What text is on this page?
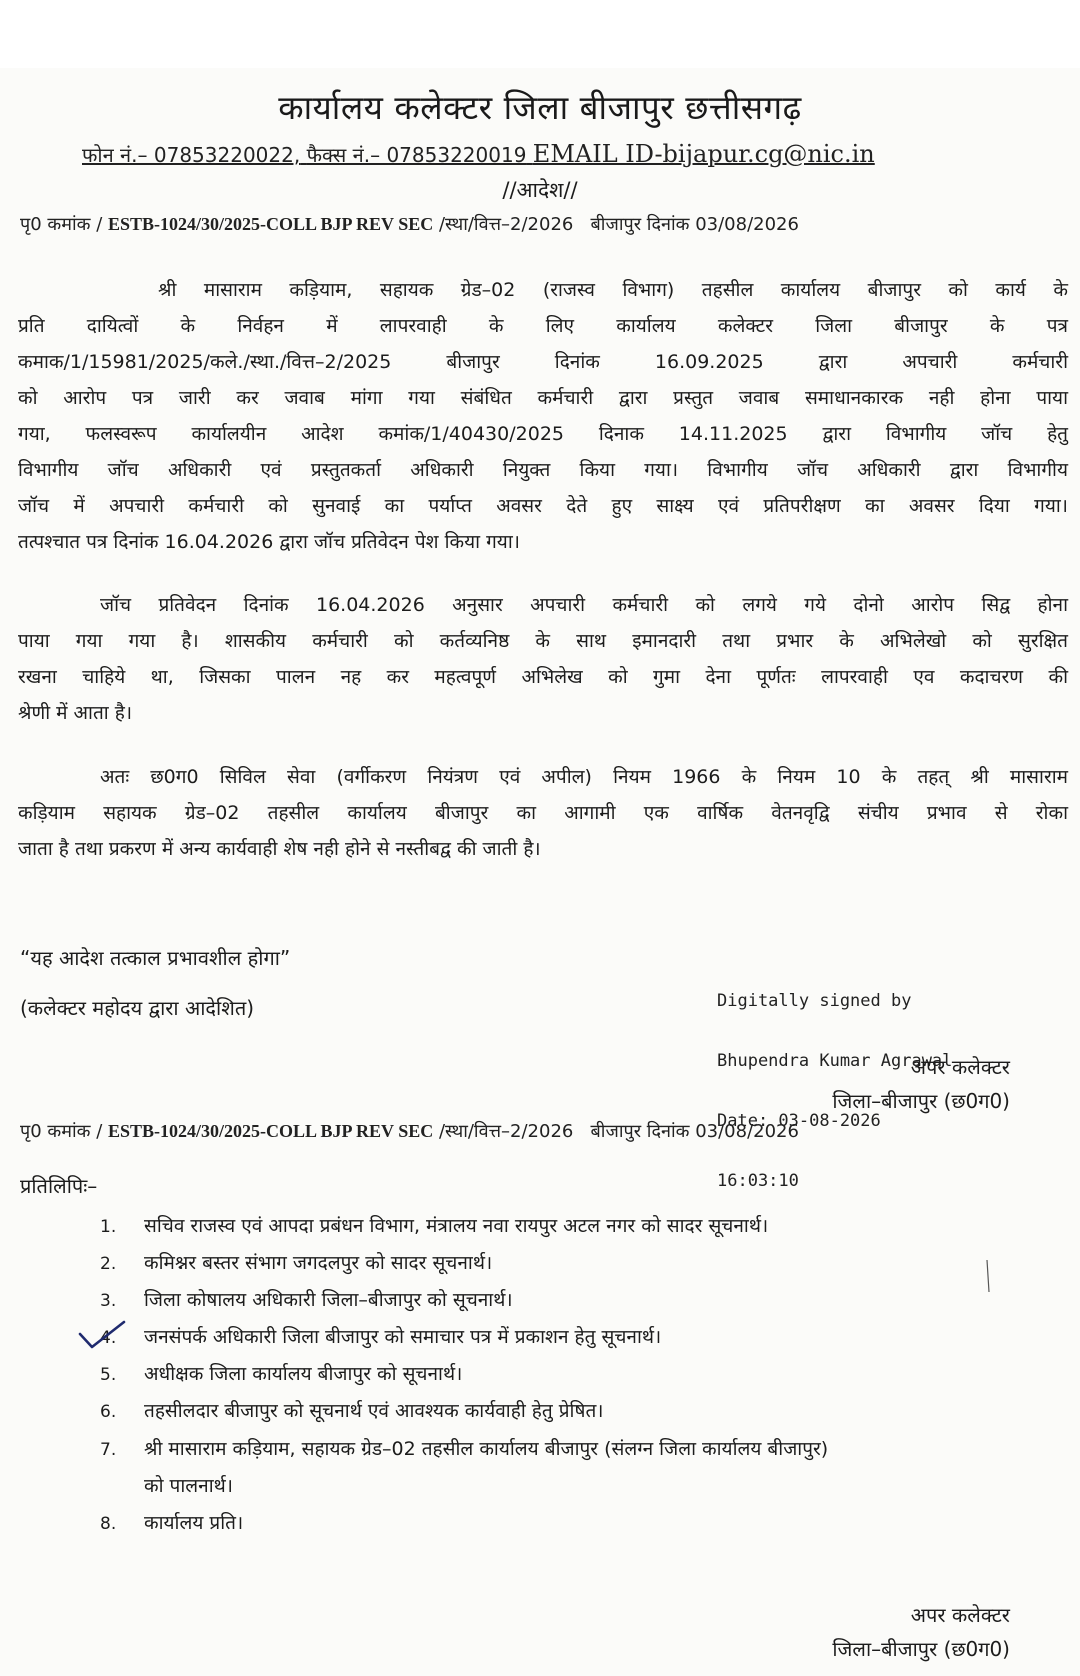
कार्यालय कलेक्टर जिला बीजापुर छत्तीसगढ़
फोन नं.– 07853220022, फैक्स नं.– 07853220019 EMAIL ID-bijapur.cg@nic.in
//आदेश//
पृ0 कमांक / ESTB-1024/30/2025-COLL BJP REV SEC /स्था/वित्त–2/2026 बीजापुर दिनांक 03/08/2026
श्री मासाराम कड़ियाम, सहायक ग्रेड–02 (राजस्व विभाग) तहसील कार्यालय बीजापुर को कार्य के
प्रति दायित्वों के निर्वहन में लापरवाही के लिए कार्यालय कलेक्टर जिला बीजापुर के पत्र
कमाक/1/15981/2025/कले./स्था./वित्त–2/2025 बीजापुर दिनांक 16.09.2025 द्वारा अपचारी कर्मचारी
को आरोप पत्र जारी कर जवाब मांगा गया संबंधित कर्मचारी द्वारा प्रस्तुत जवाब समाधानकारक नही होना पाया
गया, फलस्वरूप कार्यालयीन आदेश कमांक/1/40430/2025 दिनाक 14.11.2025 द्वारा विभागीय जॉच हेतु
विभागीय जॉच अधिकारी एवं प्रस्तुतकर्ता अधिकारी नियुक्त किया गया। विभागीय जॉच अधिकारी द्वारा विभागीय
जॉच में अपचारी कर्मचारी को सुनवाई का पर्याप्त अवसर देते हुए साक्ष्य एवं प्रतिपरीक्षण का अवसर दिया गया।
तत्पश्चात पत्र दिनांक 16.04.2026 द्वारा जॉच प्रतिवेदन पेश किया गया।
जॉच प्रतिवेदन दिनांक 16.04.2026 अनुसार अपचारी कर्मचारी को लगये गये दोनो आरोप सिद्व होना
पाया गया गया है। शासकीय कर्मचारी को कर्तव्यनिष्ठ के साथ इमानदारी तथा प्रभार के अभिलेखो को सुरक्षित
रखना चाहिये था, जिसका पालन नह कर महत्वपूर्ण अभिलेख को गुमा देना पूर्णतः लापरवाही एव कदाचरण की
श्रेणी में आता है।
अतः छ0ग0 सिविल सेवा (वर्गीकरण नियंत्रण एवं अपील) नियम 1966 के नियम 10 के तहत् श्री मासाराम
कड़ियाम सहायक ग्रेड–02 तहसील कार्यालय बीजापुर का आगामी एक वार्षिक वेतनवृद्वि संचीय प्रभाव से रोका
जाता है तथा प्रकरण में अन्य कार्यवाही शेष नही होने से नस्तीबद्व की जाती है।
“यह आदेश तत्काल प्रभावशील होगा”
(कलेक्टर महोदय द्वारा आदेशित)

	Digitally signed by

Bhupendra Kumar Agrawal

Date: 03-08-2026

16:03:10

अपर कलेक्टर
जिला–बीजापुर (छ0ग0)
पृ0 कमांक / ESTB-1024/30/2025-COLL BJP REV SEC /स्था/वित्त–2/2026 बीजापुर दिनांक 03/08/2026
प्रतिलिपिः–
1. सचिव राजस्व एवं आपदा प्रबंधन विभाग, मंत्रालय नवा रायपुर अटल नगर को सादर सूचनार्थ।
2. कमिश्नर बस्तर संभाग जगदलपुर को सादर सूचनार्थ।
3. जिला कोषालय अधिकारी जिला–बीजापुर को सूचनार्थ।
4. जनसंपर्क अधिकारी जिला बीजापुर को समाचार पत्र में प्रकाशन हेतु सूचनार्थ।
5. अधीक्षक जिला कार्यालय बीजापुर को सूचनार्थ।
6. तहसीलदार बीजापुर को सूचनार्थ एवं आवश्यक कार्यवाही हेतु प्रेषित।
7. श्री मासाराम कड़ियाम, सहायक ग्रेड–02 तहसील कार्यालय बीजापुर (संलग्न जिला कार्यालय बीजापुर)
को पालनार्थ।
8. कार्यालय प्रति।
अपर कलेक्टर
जिला–बीजापुर (छ0ग0)
